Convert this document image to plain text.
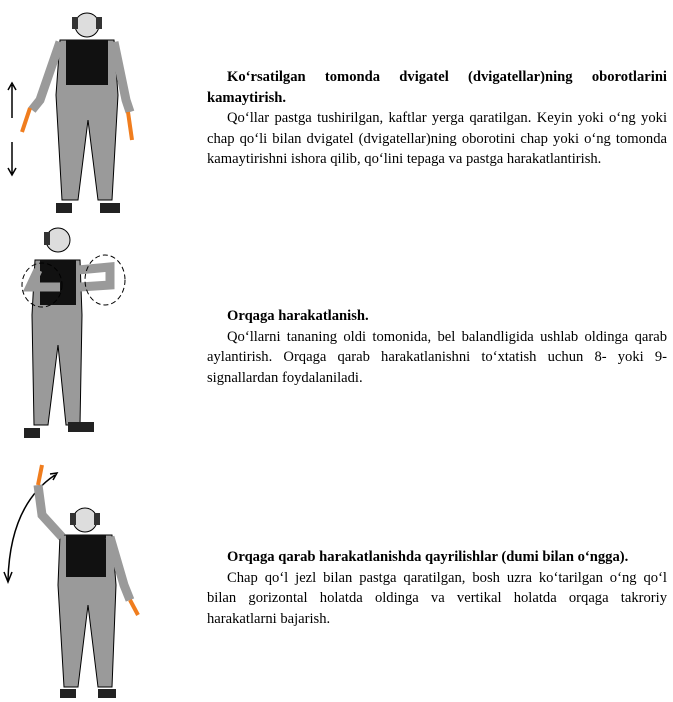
Ko‘rsatilgan tomonda dvigatel (dvigatellar)ning oborotlarini kamaytirish.

Qo‘llar pastga tushirilgan, kaftlar yerga qaratilgan. Keyin yoki o‘ng yoki chap qo‘li bilan dvigatel (dvigatellar)ning oborotini chap yoki o‘ng tomonda kamaytirishni ishora qilib, qo‘lini tepaga va pastga harakatlantirish.

Orqaga harakatlanish.

Qo‘llarni tananing oldi tomonida, bel balandligida ushlab oldinga qarab aylantirish. Orqaga qarab harakatlanishni to‘xtatish uchun 8- yoki 9-signallardan foydalaniladi.

Orqaga qarab harakatlanishda qayrilishlar (dumi bilan o‘ngga).

Chap qo‘l jezl bilan pastga qaratilgan, bosh uzra ko‘tarilgan o‘ng qo‘l bilan gorizontal holatda oldinga va vertikal holatda orqaga takroriy harakatlarni bajarish.
